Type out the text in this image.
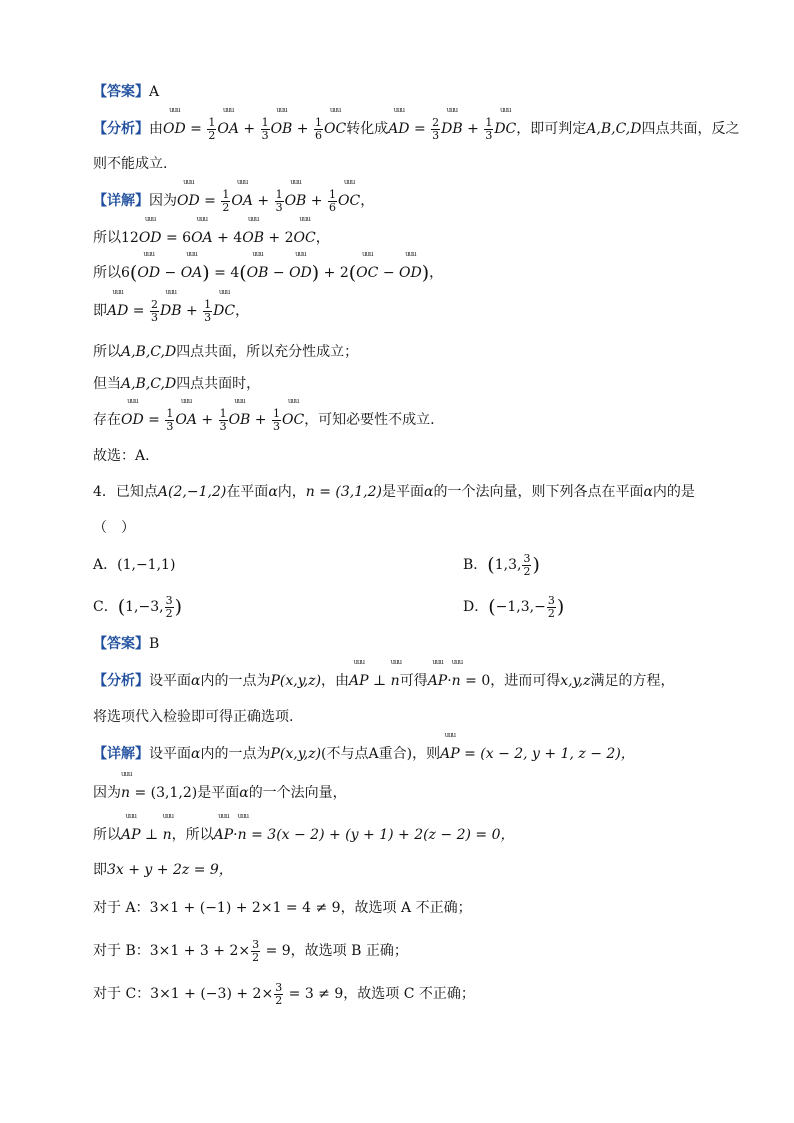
【答案】A
【分析】由uuu OD = $\frac{1}{2}$ uuu OA + $\frac{1}{3}$ uuu OB + $\frac{1}{6}$ uuu OC转化成uuu AD = $\frac{2}{3}$ uuu DB + $\frac{1}{3}$ uuu DC，即可判定A,B,C,D四点共面，反之
则不能成立.
【详解】因为uuu OD = $\frac{1}{2}$ uuu OA + $\frac{1}{3}$ uuu OB + $\frac{1}{6}$ uuu OC，
所以12uuu OD = 6uuu OA + 4uuu OB + 2uuu OC，
所以6(uuu OD − uuu OA) = 4(uuu OB − uuu OD) + 2(uuu OC − uuu OD)，
即uuu AD = $\frac{2}{3}$ uuu DB + $\frac{1}{3}$ uuu DC，
所以A,B,C,D四点共面，所以充分性成立；
但当A,B,C,D四点共面时，
存在uuu OD = $\frac{1}{3}$ uuu OA + $\frac{1}{3}$ uuu OB + $\frac{1}{3}$ uuu OC，可知必要性不成立.
故选：A.
4．已知点A(2,−1,2)在平面α内，n = (3,1,2)是平面α的一个法向量，则下列各点在平面α内的是
（　）
A．(1,−1,1)	B．(1,3, $\frac{3}{2}$ )
C．(1,−3, $\frac{3}{2}$ )	D．($-1,3,- \frac{3}{2}$ )
【答案】B
【分析】设平面α内的一点为P(x,y,z)，由uuu AP ⊥ uuu n可得uuu AP·uuu n = 0，进而可得x,y,z满足的方程，
将选项代入检验即可得正确选项.
【详解】设平面α内的一点为P(x,y,z)(不与点A重合)，则uuu AP = (x − 2, y + 1, z − 2)，
因为uuu n = (3,1,2)是平面α的一个法向量，
所以uuu AP ⊥ uuu n，所以uuu AP·uuu n = 3(x − 2) + (y + 1) + 2(z − 2) = 0，
即3x + y + 2z = 9，
对于 A：3×1 + (−1) + 2×1 = 4 ≠ 9，故选项 A 不正确；
对于 B：$3\times 1 + 3 + 2\times \frac{3}{2} = 9$，故选项 B 正确；
对于 C：$3\times 1 + (-3) + 2\times \frac{3}{2} = 3 \ne 9$，故选项 C 不正确；
